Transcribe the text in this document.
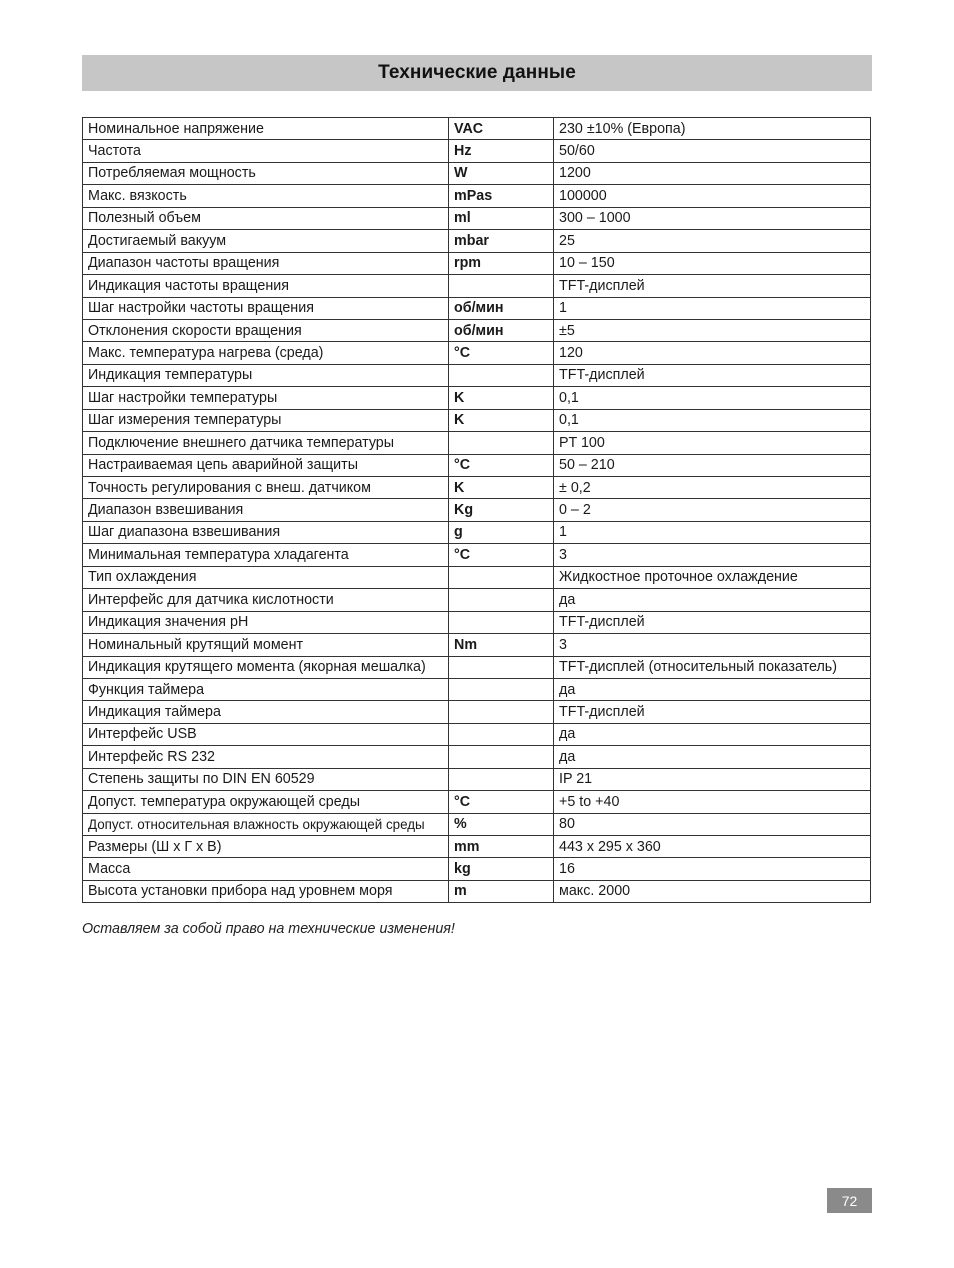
Технические данные
Номинальное напряжение	VAC	230 ±10% (Европа)
Частота	Hz	50/60
Потребляемая мощность	W	1200
Макс. вязкость	mPas	100000
Полезный объем	ml	300 – 1000
Достигаемый вакуум	mbar	25
Диапазон частоты вращения	rpm	10 – 150
Индикация частоты вращения		TFT-дисплей
Шаг настройки частоты вращения	об/мин	1
Отклонения скорости вращения	об/мин	±5
Макс. температура нагрева (среда)	°C	120
Индикация температуры		TFT-дисплей
Шаг настройки температуры	K	0,1
Шаг измерения температуры	K	0,1
Подключение внешнего датчика температуры		PT 100
Настраиваемая цепь аварийной защиты	°C	50 – 210
Точность регулирования с внеш. датчиком	K	± 0,2
Диапазон взвешивания	Kg	0 – 2
Шаг диапазона взвешивания	g	1
Минимальная температура хладагента	°C	3
Тип охлаждения		Жидкостное проточное охлаждение
Интерфейс для датчика кислотности		да
Индикация значения pH		TFT-дисплей
Номинальный крутящий момент	Nm	3
Индикация крутящего момента (якорная мешалка)		TFT-дисплей (относительный показатель)
Функция таймера		да
Индикация таймера		TFT-дисплей
Интерфейс USB		да
Интерфейс RS 232		да
Степень защиты по DIN EN 60529		IP 21
Допуст. температура окружающей среды	°C	+5 to +40
Допуст. относительная влажность окружающей среды	%	80
Размеры (Ш x Г x В)	mm	443 x 295 x 360
Масса	kg	16
Высота установки прибора над уровнем моря	m	макс. 2000

Оставляем за собой право на технические изменения!

72
